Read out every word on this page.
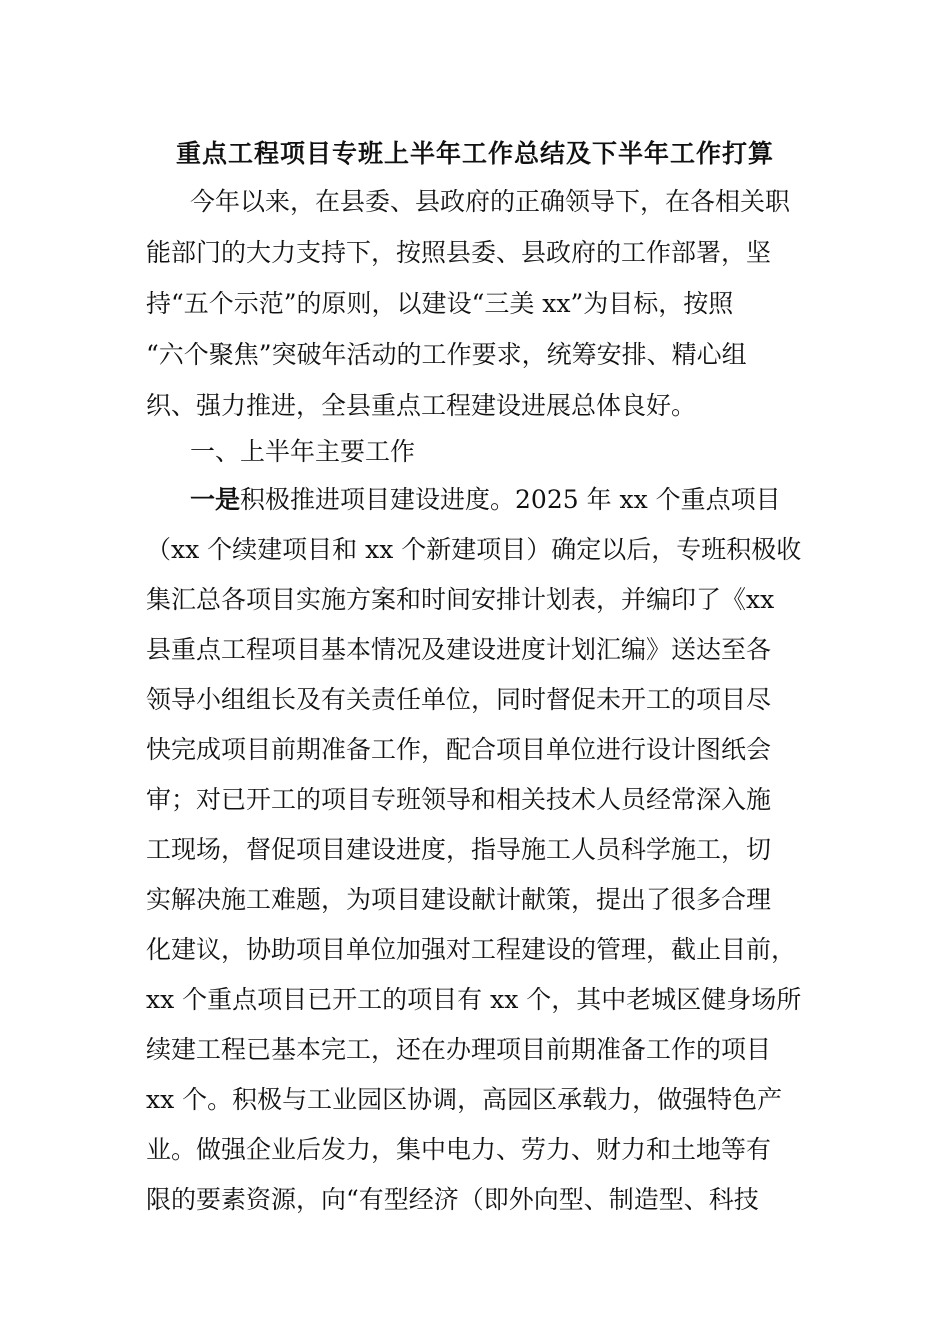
重点工程项目专班上半年工作总结及下半年工作打算
今年以来，在县委、县政府的正确领导下，在各相关职
能部门的大力支持下，按照县委、县政府的工作部署，坚
持“五个示范”的原则，以建设“三美 xx”为目标，按照
“六个聚焦”突破年活动的工作要求，统筹安排、精心组
织、强力推进，全县重点工程建设进展总体良好。
一、上半年主要工作
一是积极推进项目建设进度。2025 年 xx 个重点项目
（xx 个续建项目和 xx 个新建项目）确定以后，专班积极收
集汇总各项目实施方案和时间安排计划表，并编印了《xx
县重点工程项目基本情况及建设进度计划汇编》送达至各
领导小组组长及有关责任单位，同时督促未开工的项目尽
快完成项目前期准备工作，配合项目单位进行设计图纸会
审；对已开工的项目专班领导和相关技术人员经常深入施
工现场，督促项目建设进度，指导施工人员科学施工，切
实解决施工难题，为项目建设献计献策，提出了很多合理
化建议，协助项目单位加强对工程建设的管理，截止目前，
xx 个重点项目已开工的项目有 xx 个，其中老城区健身场所
续建工程已基本完工，还在办理项目前期准备工作的项目
xx 个。积极与工业园区协调，高园区承载力，做强特色产
业。做强企业后发力，集中电力、劳力、财力和土地等有
限的要素资源，向“有型经济（即外向型、制造型、科技
